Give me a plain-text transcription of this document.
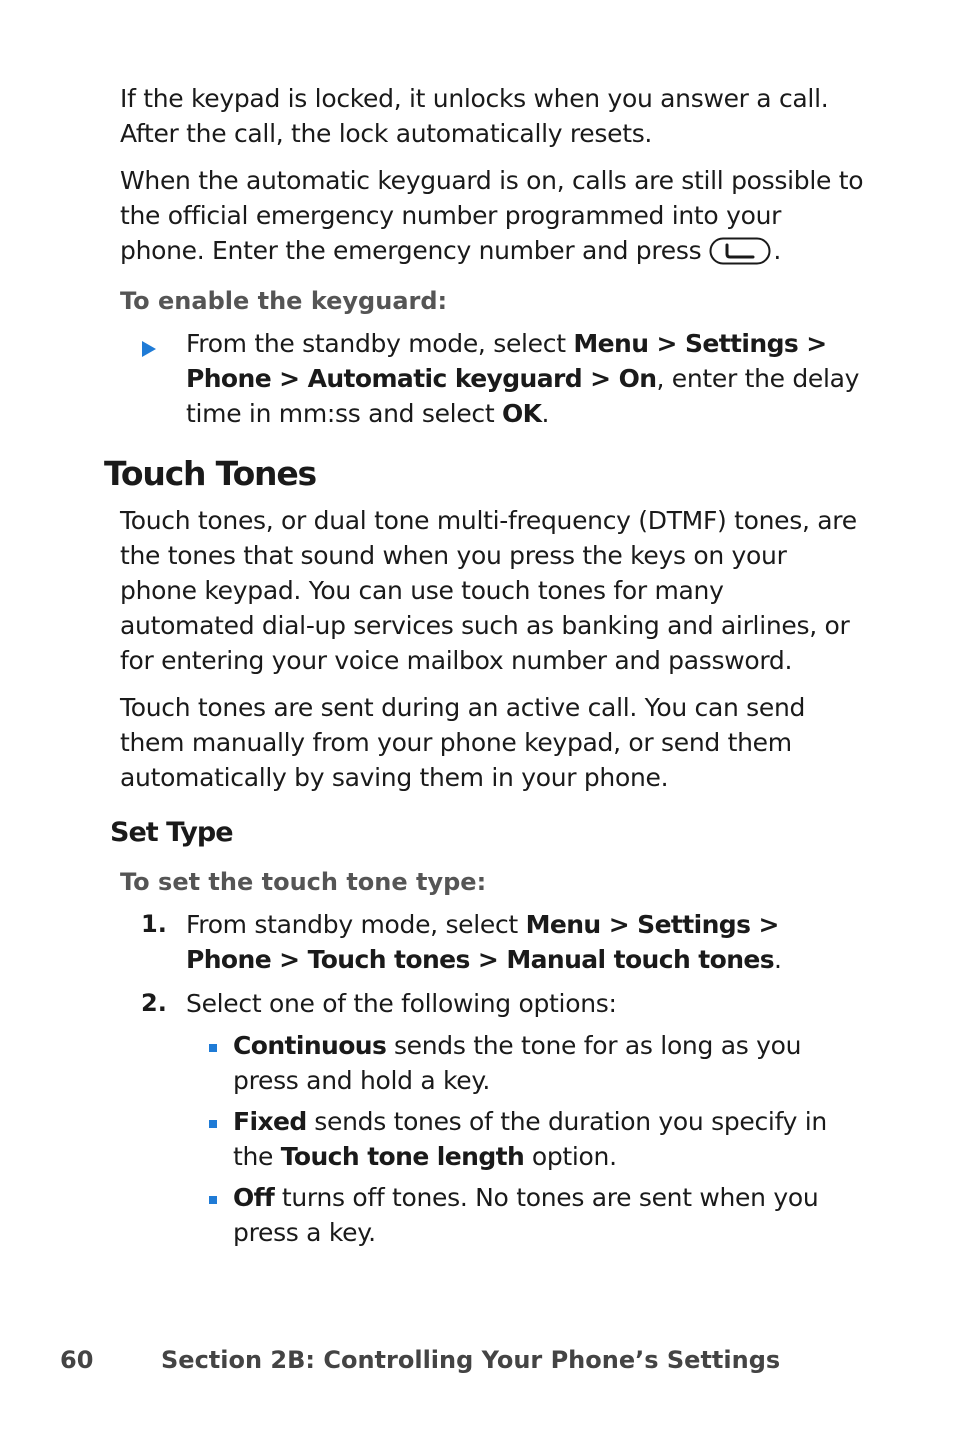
If the keypad is locked, it unlocks when you answer a call. After the call, the lock automatically resets.

When the automatic keyguard is on, calls are still possible to the official emergency number programmed into your phone. Enter the emergency number and press	.

To enable the keyguard:

From the standby mode, select Menu > Settings > Phone > Automatic keyguard > On, enter the delay time in mm:ss and select OK.

Touch Tones

Touch tones, or dual tone multi-frequency (DTMF) tones, are the tones that sound when you press the keys on your phone keypad. You can use touch tones for many automated dial-up services such as banking and airlines, or for entering your voice mailbox number and password.

Touch tones are sent during an active call. You can send them manually from your phone keypad, or send them automatically by saving them in your phone.

Set Type

To set the touch tone type:

1. From standby mode, select Menu > Settings > Phone > Touch tones > Manual touch tones.

2. Select one of the following options:

Continuous sends the tone for as long as you press and hold a key.

Fixed sends tones of the duration you specify in the Touch tone length option.

Off turns off tones. No tones are sent when you press a key.

60	Section 2B: Controlling Your Phone’s Settings
